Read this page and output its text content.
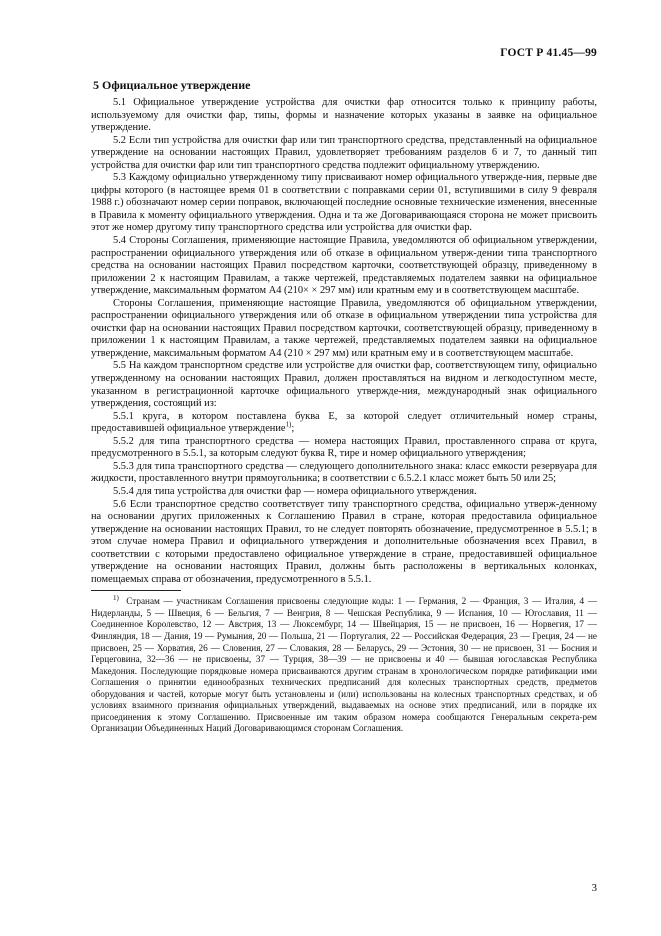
ГОСТ Р 41.45—99
5 Официальное утверждение

5.1 Официальное утверждение устройства для очистки фар относится только к принципу работы, используемому для очистки фар, типы, формы и назначение которых указаны в заявке на официальное утверждение.

5.2 Если тип устройства для очистки фар или тип транспортного средства, представленный на официальное утверждение на основании настоящих Правил, удовлетворяет требованиям разделов 6 и 7, то данный тип устройства для очистки фар или тип транспортного средства подлежит официальному утверждению.

5.3 Каждому официально утвержденному типу присваивают номер официального утвержде-ния, первые две цифры которого (в настоящее время 01 в соответствии с поправками серии 01, вступившими в силу 9 февраля 1988 г.) обозначают номер серии поправок, включающей последние основные технические изменения, внесенные в Правила к моменту официального утверждения. Одна и та же Договаривающаяся сторона не может присвоить этот же номер другому типу транспортного средства или устройства для очистки фар.

5.4 Стороны Соглашения, применяющие настоящие Правила, уведомляются об официальном утверждении, распространении официального утверждения или об отказе в официальном утверж-дении типа транспортного средства на основании настоящих Правил посредством карточки, соответствующей образцу, приведенному в приложении 2 к настоящим Правилам, а также чертежей, представляемых подателем заявки на официальное утверждение, максимальным форматом А4 (210× × 297 мм) или кратным ему и в соответствующем масштабе.

Стороны Соглашения, применяющие настоящие Правила, уведомляются об официальном утверждении, распространении официального утверждения или об отказе в официальном утверждении типа устройства для очистки фар на основании настоящих Правил посредством карточки, соответствующей образцу, приведенному в приложении 1 к настоящим Правилам, а также чертежей, представляемых подателем заявки на официальное утверждение, максимальным форматом А4 (210 × 297 мм) или кратным ему и в соответствующем масштабе.

5.5 На каждом транспортном средстве или устройстве для очистки фар, соответствующем типу, официально утвержденному на основании настоящих Правил, должен проставляться на видном и легкодоступном месте, указанном в регистрационной карточке официального утвержде-ния, международный знак официального утверждения, состоящий из:

5.5.1 круга, в котором поставлена буква Е, за которой следует отличительный номер страны, предоставившей официальное утверждение$^{1)}$;

5.5.2 для типа транспортного средства — номера настоящих Правил, проставленного справа от круга, предусмотренного в 5.5.1, за которым следуют буква R, тире и номер официального утверждения;

5.5.3 для типа транспортного средства — следующего дополнительного знака: класс емкости резервуара для жидкости, проставленного внутри прямоугольника; в соответствии с 6.5.2.1 класс может быть 50 или 25;

5.5.4 для типа устройства для очистки фар — номера официального утверждения.

5.6 Если транспортное средство соответствует типу транспортного средства, официально утверж-денному на основании других приложенных к Соглашению Правил в стране, которая предоставила официальное утверждение на основании настоящих Правил, то не следует повторять обозначение, предусмотренное в 5.5.1; в этом случае номера Правил и официального утверждения и дополнительные обозначения всех Правил, в соответствии с которыми предоставлено официальное утверждение в стране, предоставившей официальное утверждение на основании настоящих Правил, должны быть расположены в вертикальных колонках, помещаемых справа от обозначения, предусмотренного в 5.5.1.

$^{1)}$ Странам — участникам Соглашения присвоены следующие коды: 1 — Германия, 2 — Франция, 3 — Италия, 4 — Нидерланды, 5 — Швеция, 6 — Бельгия, 7 — Венгрия, 8 — Чешская Республика, 9 — Испания, 10 — Югославия, 11 — Соединенное Королевство, 12 — Австрия, 13 — Люксембург, 14 — Швейцария, 15 — не присвоен, 16 — Норвегия, 17 — Финляндия, 18 — Дания, 19 — Румыния, 20 — Польша, 21 — Португалия, 22 — Российская Федерация, 23 — Греция, 24 — не присвоен, 25 — Хорватия, 26 — Словения, 27 — Словакия, 28 — Беларусь, 29 — Эстония, 30 — не присвоен, 31 — Босния и Герцеговина, 32—36 — не присвоены, 37 — Турция, 38—39 — не присвоены и 40 — бывшая югославская Республика Македония. Последующие порядковые номера присваиваются другим странам в хронологическом порядке ратификации ими Соглашения о принятии единообразных технических предписаний для колесных транспортных средств, предметов оборудования и частей, которые могут быть установлены и (или) использованы на колесных транспортных средствах, и об условиях взаимного признания официальных утверждений, выдаваемых на основе этих предписаний, или в порядке их присоединения к этому Соглашению. Присвоенные им таким образом номера сообщаются Генеральным секрета-рем Организации Объединенных Наций Договаривающимся сторонам Соглашения.

3
